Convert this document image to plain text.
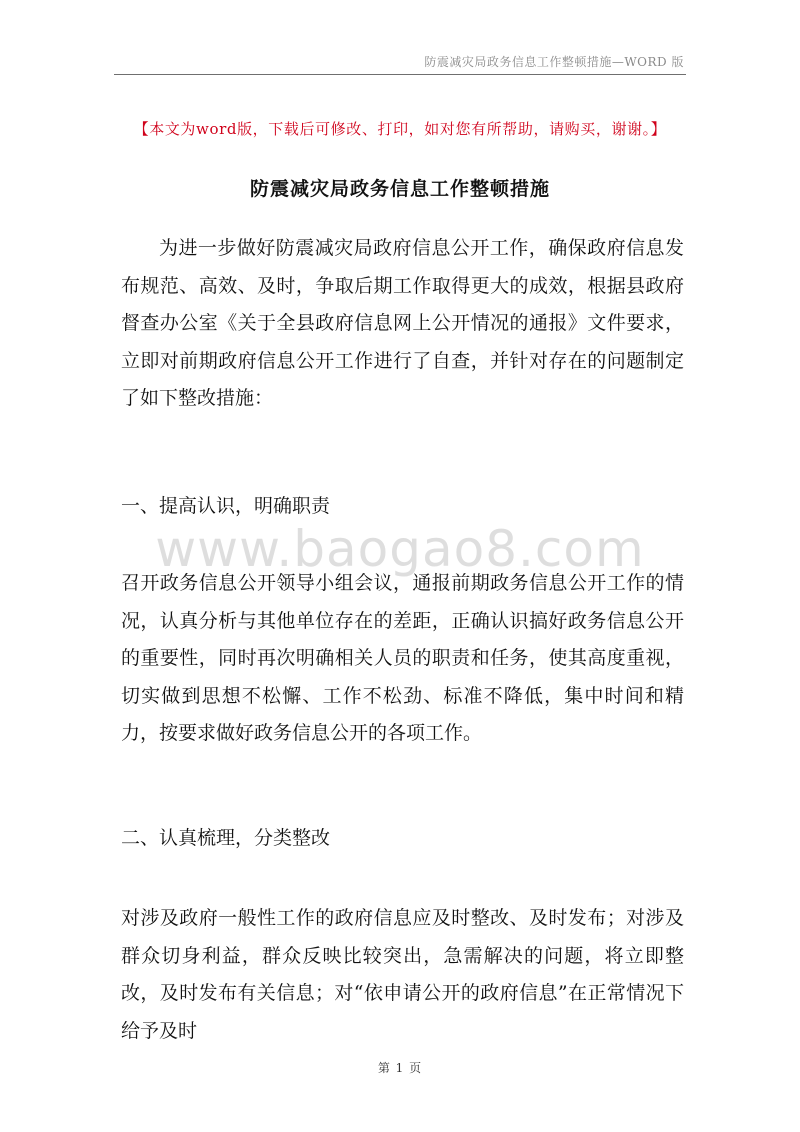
防震减灾局政务信息工作整顿措施—WORD 版
【本文为word版，下载后可修改、打印，如对您有所帮助，请购买，谢谢。】
防震减灾局政务信息工作整顿措施
为进一步做好防震减灾局政府信息公开工作，确保政府信息发布规范、高效、及时，争取后期工作取得更大的成效，根据县政府督查办公室《关于全县政府信息网上公开情况的通报》文件要求，立即对前期政府信息公开工作进行了自查，并针对存在的问题制定了如下整改措施：
一、提高认识，明确职责
www.baogao8.com
召开政务信息公开领导小组会议，通报前期政务信息公开工作的情况，认真分析与其他单位存在的差距，正确认识搞好政务信息公开的重要性，同时再次明确相关人员的职责和任务，使其高度重视，切实做到思想不松懈、工作不松劲、标准不降低，集中时间和精力，按要求做好政务信息公开的各项工作。
二、认真梳理，分类整改
对涉及政府一般性工作的政府信息应及时整改、及时发布；对涉及群众切身利益，群众反映比较突出，急需解决的问题，将立即整改，及时发布有关信息；对“依申请公开的政府信息”在正常情况下给予及时
第 1 页
